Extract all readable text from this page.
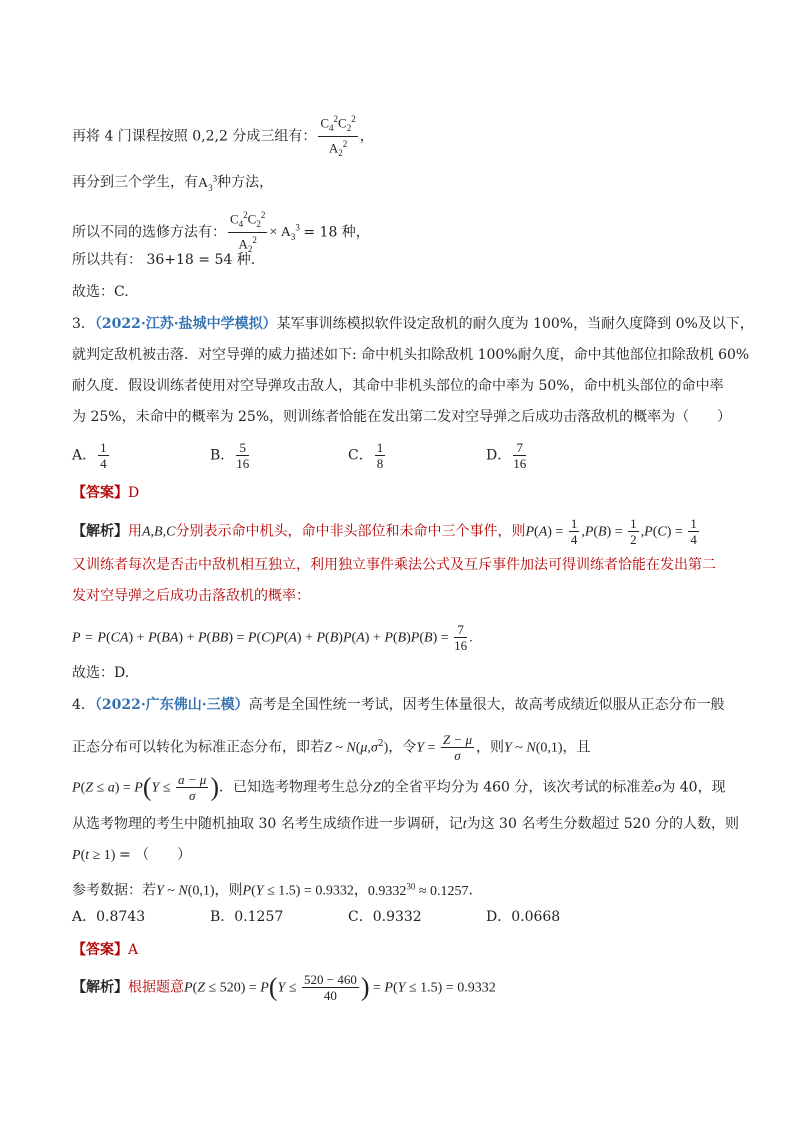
再将 4 门课程按照 0,2,2 分成三组有： $\frac{C_4^2C_2^2}{A_2^2}$ ，
再分到三个学生，有$A_3^3$种方法，
所以不同的选修方法有： $\frac{C_4^2C_2^2}{A_2^2} \times A_3^3 = 18$ 种，
所以共有： 36+18 = 54 种.
故选：C.
3．（2022·江苏·盐城中学模拟）某军事训练模拟软件设定敌机的耐久度为 100%，当耐久度降到 0%及以下，
就判定敌机被击落．对空导弹的威力描述如下: 命中机头扣除敌机 100%耐久度，命中其他部位扣除敌机 60%
耐久度．假设训练者使用对空导弹攻击敌人，其命中非机头部位的命中率为 50%，命中机头部位的命中率
为 25%，未命中的概率为 25%，则训练者恰能在发出第二发对空导弹之后成功击落敌机的概率为（　　）
A． $\frac{1}{4}$	B． $\frac{5}{16}$	C． $\frac{1}{8}$	D． $\frac{7}{16}$
【答案】D
【解析】用A,B,C分别表示命中机头，命中非头部位和未命中三个事件，则$P(A) = \frac{1}{4} ,P(B) = \frac{1}{2} ,P(C) = \frac{1}{4}$
又训练者每次是否击中敌机相互独立，利用独立事件乘法公式及互斥事件加法可得训练者恰能在发出第二
发对空导弹之后成功击落敌机的概率：
$P = P(CA) + P(BA) + P(BB) = P(C)P(A) + P(B)P(A) + P(B)P(B) = \frac{7}{16}$ .
故选：D.
4．（2022·广东佛山·三模）高考是全国性统一考试，因考生体量很大，故高考成绩近似服从正态分布一般
正态分布可以转化为标准正态分布，即若Z ~ $N(\mu,\sigma^2)$，令$Y = \frac{Z - \mu}{\sigma}$ ，则Y ~ N(0,1)，且
$P(Z \le a) = P(Y \le \frac{a - \mu}{\sigma}$ )．已知选考物理考生总分Z的全省平均分为 460 分，该次考试的标准差σ为 40，现
从选考物理的考生中随机抽取 30 名考生成绩作进一步调研，记t为这 30 名考生分数超过 520 分的人数，则
P(t ≥ 1) = （　　）
参考数据：若Y ~ N(0,1)，则P(Y ≤ 1.5) = 0.9332，$0.9332^{30} \approx 0.1257$．
A．0.8743	B．0.1257	C．0.9332	D．0.0668
【答案】A
【解析】根据题意$P(Z \le 520) = P(Y \le \frac{520 - 460}{40}$ ) = P(Y ≤ 1.5) = 0.9332
